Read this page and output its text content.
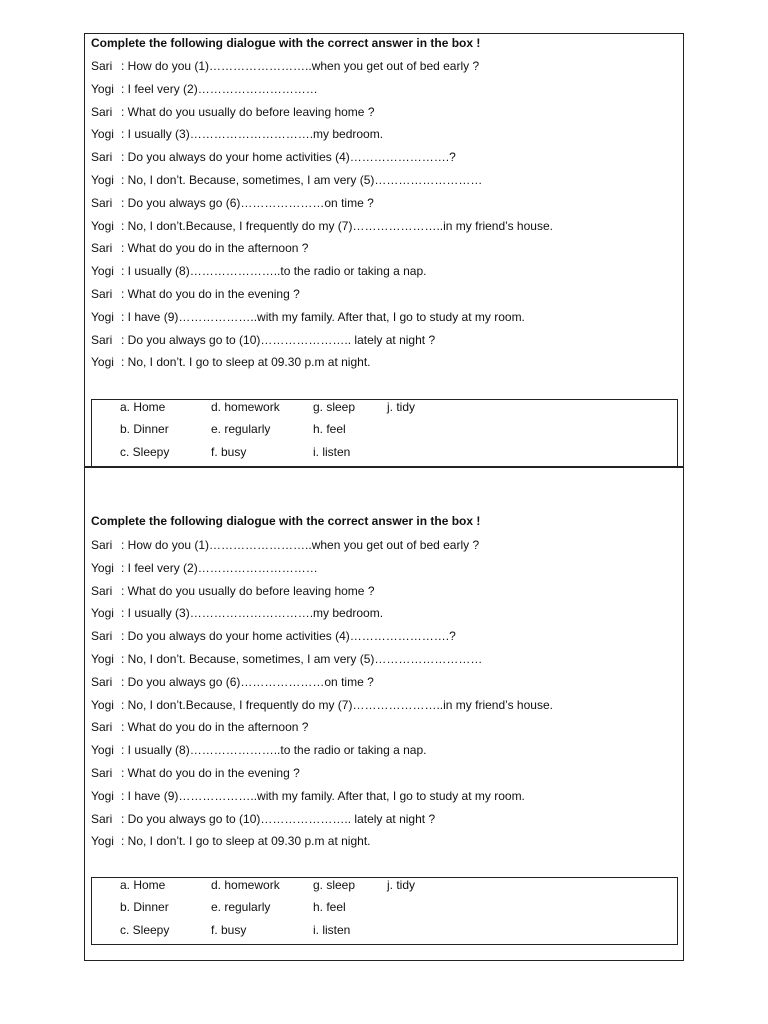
Complete the following dialogue with the correct answer in the box !
Sari : How do you (1)……………………..when you get out of bed early ?
Yogi : I feel very (2)…………………………
Sari : What do you usually do before leaving home ?
Yogi : I usually (3)………………………….my bedroom.
Sari : Do you always do your home activities (4)…………………….?
Yogi : No, I don’t. Because, sometimes, I am very (5)………………………
Sari : Do you always go (6)…………………on time ?
Yogi : No, I don’t.Because, I frequently do my (7)…………………..in my friend’s house.
Sari : What do you do in the afternoon ?
Yogi : I usually (8)…………………..to the radio or taking a nap.
Sari : What do you do in the evening ?
Yogi : I have (9)………………..with my family. After that, I go to study at my room.
Sari : Do you always go to (10)………………….. lately at night ?
Yogi : No, I don’t. I go to sleep at 09.30 p.m at night.
a. Home	d. homework	g. sleep	j. tidy
b. Dinner	e. regularly	h. feel
c. Sleepy	f. busy	i. listen
Complete the following dialogue with the correct answer in the box !
Sari : How do you (1)……………………..when you get out of bed early ?
Yogi : I feel very (2)…………………………
Sari : What do you usually do before leaving home ?
Yogi : I usually (3)………………………….my bedroom.
Sari : Do you always do your home activities (4)…………………….?
Yogi : No, I don’t. Because, sometimes, I am very (5)………………………
Sari : Do you always go (6)…………………on time ?
Yogi : No, I don’t.Because, I frequently do my (7)…………………..in my friend’s house.
Sari : What do you do in the afternoon ?
Yogi : I usually (8)…………………..to the radio or taking a nap.
Sari : What do you do in the evening ?
Yogi : I have (9)………………..with my family. After that, I go to study at my room.
Sari : Do you always go to (10)………………….. lately at night ?
Yogi : No, I don’t. I go to sleep at 09.30 p.m at night.
a. Home	d. homework	g. sleep	j. tidy
b. Dinner	e. regularly	h. feel
c. Sleepy	f. busy	i. listen
